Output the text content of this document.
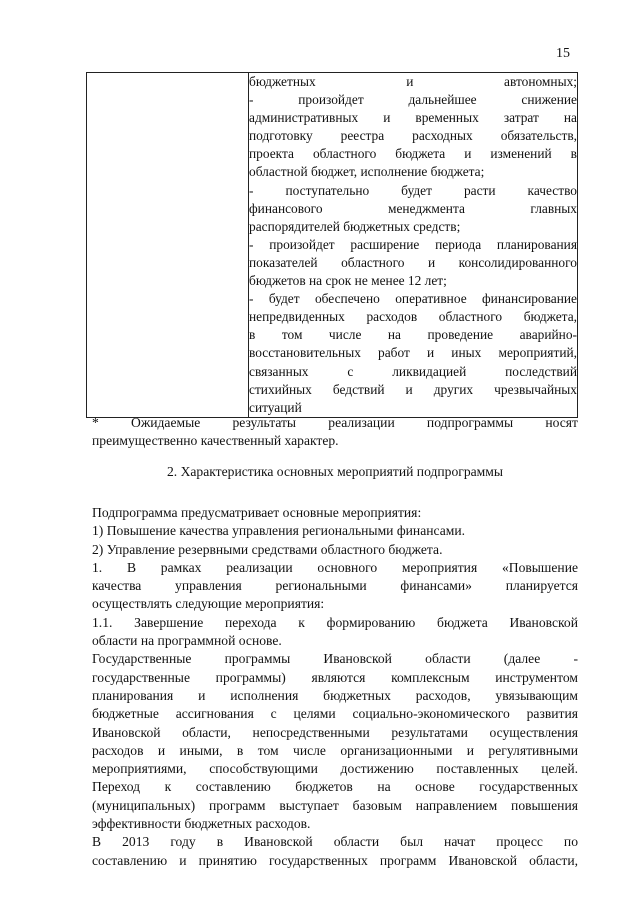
15

бюджетных и автономных;
- произойдет дальнейшее снижение
административных и временных затрат на
подготовку реестра расходных обязательств,
проекта областного бюджета и изменений в
областной бюджет, исполнение бюджета;
- поступательно будет расти качество
финансового менеджмента главных
распорядителей бюджетных средств;
- произойдет расширение периода планирования
показателей областного и консолидированного
бюджетов на срок не менее 12 лет;
- будет обеспечено оперативное финансирование
непредвиденных расходов областного бюджета,
в том числе на проведение аварийно-
восстановительных работ и иных мероприятий,
связанных с ликвидацией последствий
стихийных бедствий и других чрезвычайных
ситуаций
* Ожидаемые результаты реализации подпрограммы носят
преимущественно качественный характер.
2. Характеристика основных мероприятий подпрограммы
Подпрограмма предусматривает основные мероприятия:
1) Повышение качества управления региональными финансами.
2) Управление резервными средствами областного бюджета.
1. В рамках реализации основного мероприятия «Повышение
качества управления региональными финансами» планируется
осуществлять следующие мероприятия:
1.1. Завершение перехода к формированию бюджета Ивановской
области на программной основе.
Государственные программы Ивановской области (далее -
государственные программы) являются комплексным инструментом
планирования и исполнения бюджетных расходов, увязывающим
бюджетные ассигнования с целями социально-экономического развития
Ивановской области, непосредственными результатами осуществления
расходов и иными, в том числе организационными и регулятивными
мероприятиями, способствующими достижению поставленных целей.
Переход к составлению бюджетов на основе государственных
(муниципальных) программ выступает базовым направлением повышения
эффективности бюджетных расходов.
В 2013 году в Ивановской области был начат процесс по
составлению и принятию государственных программ Ивановской области,
